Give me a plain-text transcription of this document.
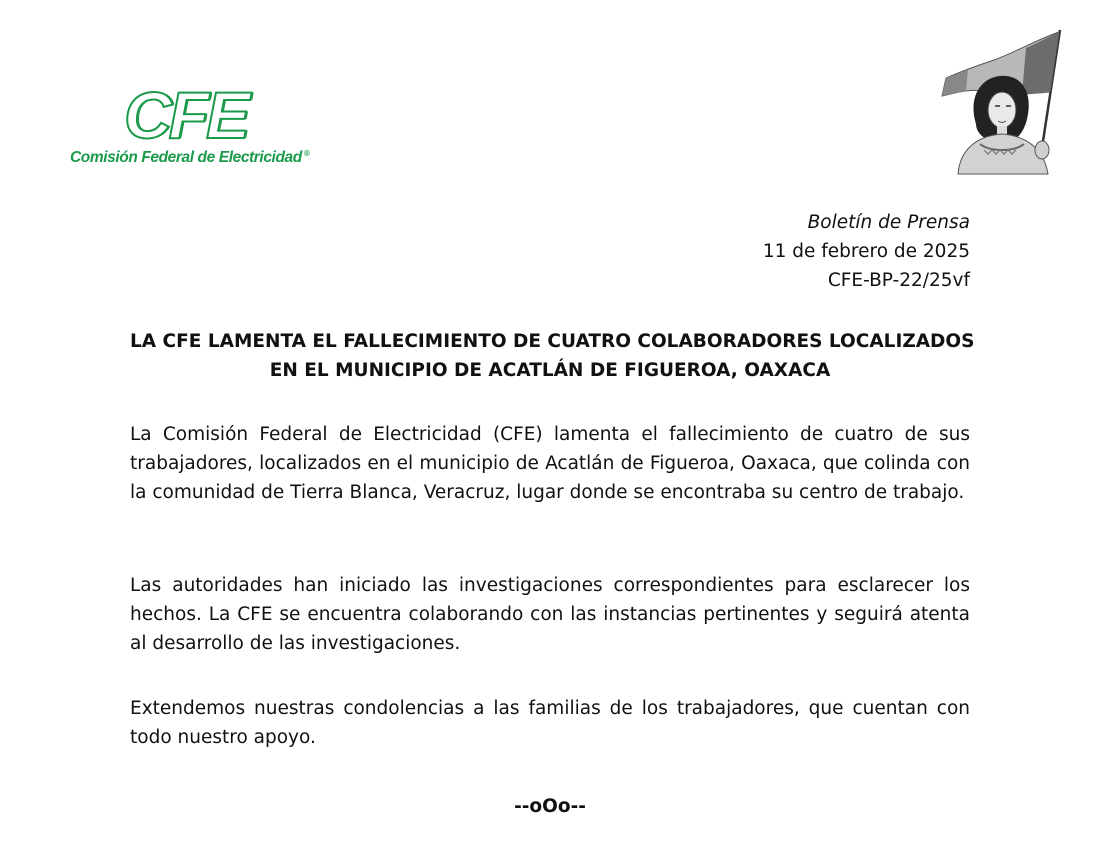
CFE
Comisión Federal de Electricidad ®
Boletín de Prensa
11 de febrero de 2025
CFE-BP-22/25vf
LA CFE LAMENTA EL FALLECIMIENTO DE CUATRO COLABORADORES LOCALIZADOS
EN EL MUNICIPIO DE ACATLÁN DE FIGUEROA, OAXACA

La Comisión Federal de Electricidad (CFE) lamenta el fallecimiento de cuatro de sus trabajadores, localizados en el municipio de Acatlán de Figueroa, Oaxaca, que colinda con la comunidad de Tierra Blanca, Veracruz, lugar donde se encontraba su centro de trabajo.

Las autoridades han iniciado las investigaciones correspondientes para esclarecer los hechos. La CFE se encuentra colaborando con las instancias pertinentes y seguirá atenta al desarrollo de las investigaciones.

Extendemos nuestras condolencias a las familias de los trabajadores, que cuentan con todo nuestro apoyo.

--oOo--
